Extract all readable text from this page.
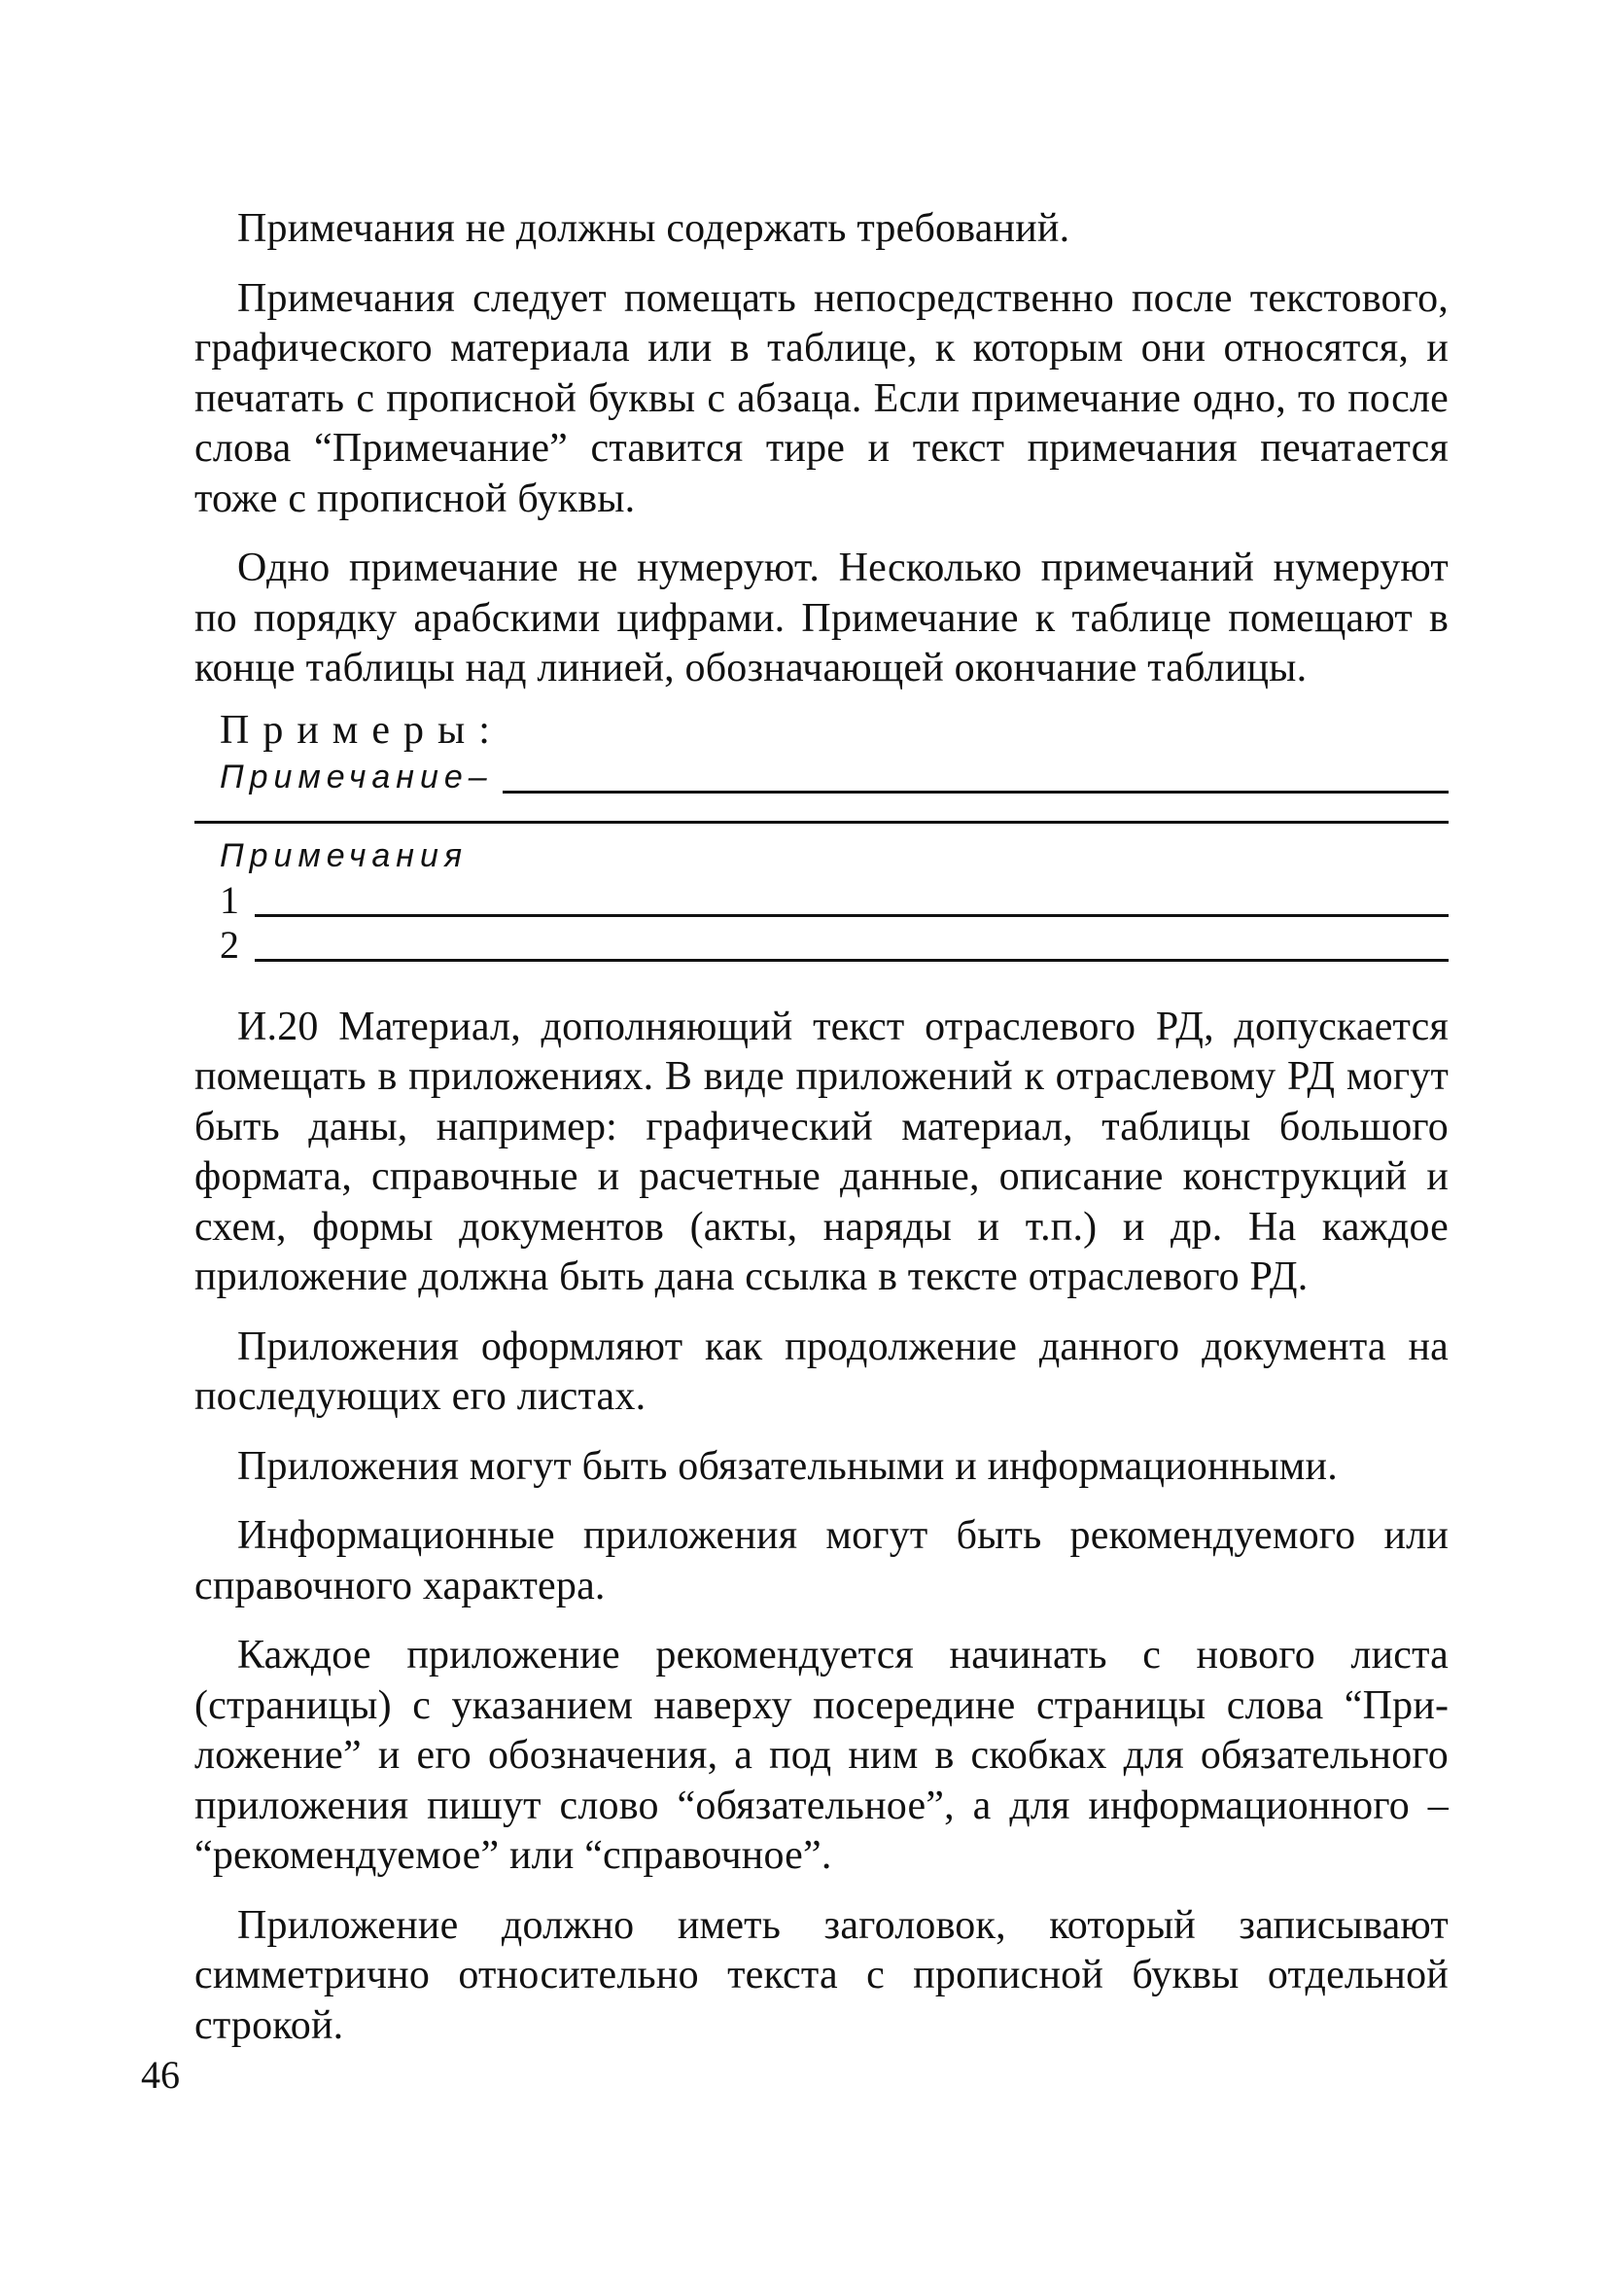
Примечания не должны содержать требований.

Примечания следует помещать непосредственно после текстового, графического материала или в таблице, к которым они относятся, и печатать с прописной буквы с абзаца. Если примечание одно, то после слова “Примечание” ставится тире и текст примечания печатается тоже с прописной буквы.

Одно примечание не нумеруют. Несколько примечаний нумеруют по порядку арабскими цифрами. Примечание к таблице помещают в конце таблицы над линией, обозначающей окончание таблицы.

Примеры:
Примечание–
Примечания
1
2

И.20 Материал, дополняющий текст отраслевого РД, допускается помещать в приложениях. В виде приложений к отраслевому РД могут быть даны, например: графический материал, таблицы большого формата, справочные и расчетные данные, описание конструкций и схем, формы документов (акты, наряды и т.п.) и др. На каждое приложение должна быть дана ссылка в тексте отраслевого РД.

Приложения оформляют как продолжение данного документа на последующих его листах.

Приложения могут быть обязательными и информационными.

Информационные приложения могут быть рекомендуемого или справочного характера.

Каждое приложение рекомендуется начинать с нового листа (страницы) с указанием наверху посередине страницы слова “Приложение” и его обозначения, а под ним в скобках для обязательного приложения пишут слово “обязательное”, а для информационного – “рекомендуемое” или “справочное”.

Приложение должно иметь заголовок, который записывают симметрично относительно текста с прописной буквы отдельной строкой.

46
